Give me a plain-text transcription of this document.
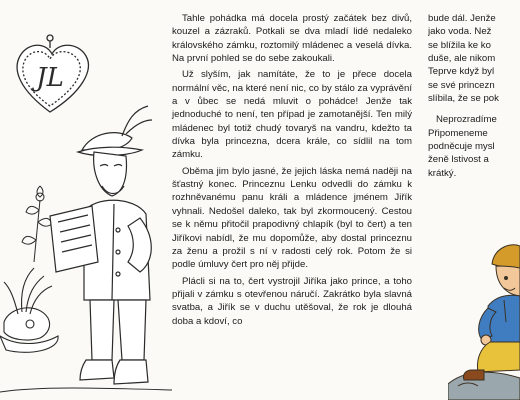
JL

Tahle pohádka má docela prostý začátek bez divů, kouzel a zázraků. Potkali se dva mladí lidé nedaleko královského zámku, roztomilý mládenec a veselá dívka. Na první pohled se do sebe zakoukali.

Už slyším, jak namítáte, že to je přece docela normální věc, na které není nic, co by stálo za vyprávění a v ůbec se nedá mluvit o pohádce! Jenže tak jednoduché to není, ten případ je zamotanější. Ten milý mládenec byl totiž chudý tovaryš na vandru, kdežto ta dívka byla princezna, dcera krále, co sídlil na tom zámku.

Oběma jim bylo jasné, že jejich láska nemá naději na šťastný konec. Princeznu Lenku odvedli do zámku k rozhněvanému panu králi a mládence jménem Jiřík vyhnali. Nedošel daleko, tak byl zkormoucený. Cestou se k němu přitočil prapodivný chlapík (byl to čert) a ten Jiříkovi nabídl, že mu dopomůže, aby dostal princeznu za ženu a prožil s ní v radosti celý rok. Potom že si podle úmluvy čert pro něj přijde.

Plácli si na to, čert vystrojil Jiříka jako prince, a toho přijali v zámku s otevřenou náručí. Zakrátko byla slavná svatba, a Jiřík se v duchu utěšoval, že rok je dlouhá doba a kdoví, co

bude dál. Jenže
jako voda. Než
se blížila ke ko
duše, ale nikom
Teprve když byl
se své princezn
slíbila, že se pok
Neprozradíme
Připomeneme
podněcuje mysl
ženě lstivost a
krátký.
